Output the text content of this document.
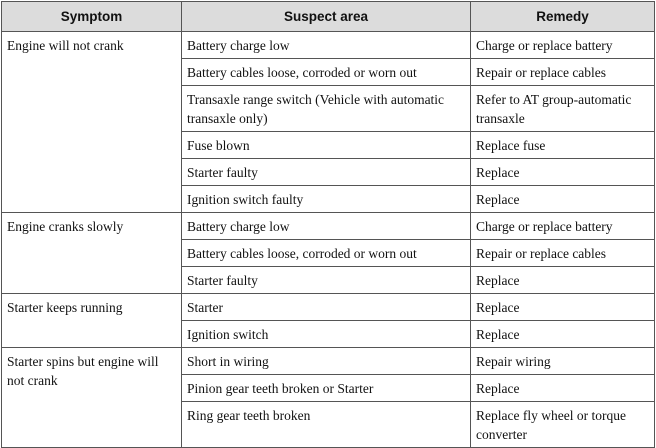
Symptom	Suspect area	Remedy
Engine will not crank	Battery charge low	Charge or replace battery
	Battery cables loose, corroded or worn out	Repair or replace cables
	Transaxle range switch (Vehicle with automatic transaxle only)	Refer to AT group-automatic transaxle
	Fuse blown	Replace fuse
	Starter faulty	Replace
	Ignition switch faulty	Replace
Engine cranks slowly	Battery charge low	Charge or replace battery
	Battery cables loose, corroded or worn out	Repair or replace cables
	Starter faulty	Replace
Starter keeps running	Starter	Replace
	Ignition switch	Replace
Starter spins but engine will not crank	Short in wiring	Repair wiring
	Pinion gear teeth broken or Starter	Replace
	Ring gear teeth broken	Replace fly wheel or torque converter
